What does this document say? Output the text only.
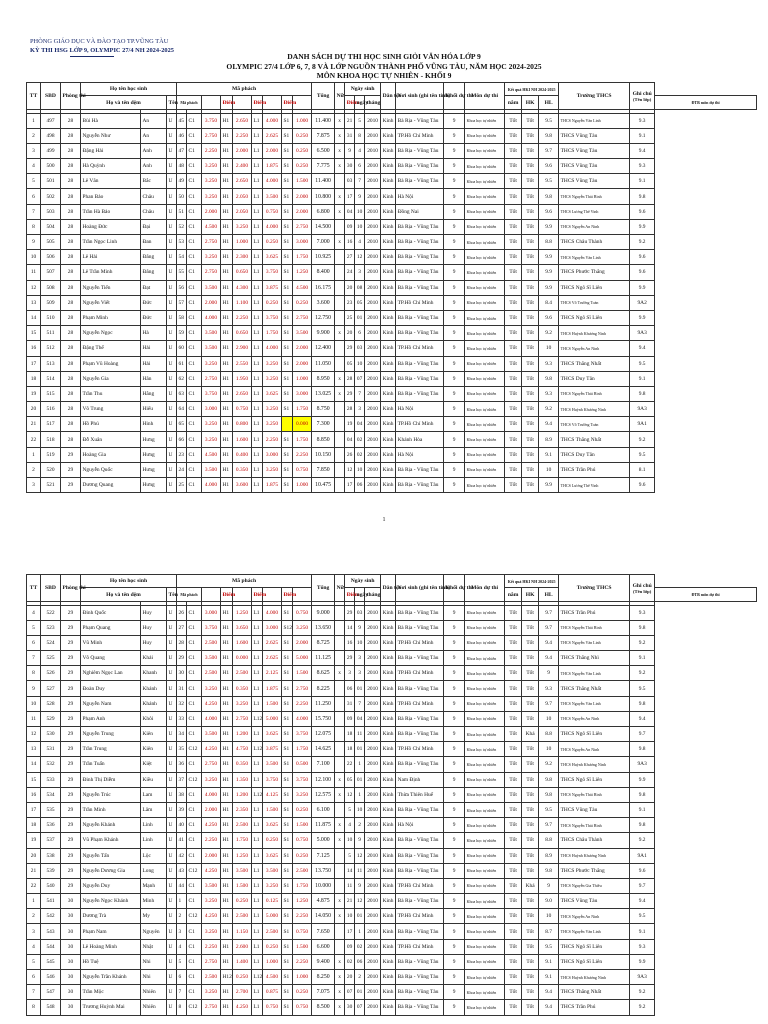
PHÒNG GIÁO DỤC VÀ ĐÀO TẠO TP.VŨNG TÀU
KỲ THI HSG LỚP 9, OLYMPIC 27/4 NH 2024-2025
DANH SÁCH DỰ THI HỌC SINH GIỎI VĂN HÓA LỚP 9
OLYMPIC 27/4 LỚP 6, 7, 8 VÀ LỚP NGUỒN THÀNH PHỐ VŨNG TÀU, NĂM HỌC 2024-2025
MÔN KHOA HỌC TỰ NHIÊN - KHỐI 9
TT	SBD	Phòng thi	Họ tên học sinh			Mã phách									Tổng	Nữ	Ngày sinh			Dân tộc	Nơi sinh (ghi tên tỉnh)	Khối dự thi	Môn dự thi	Kết quả HKI NH 2024-2025			Trường THCS	Ghi chú
(Tên lớp)	

			Họ và tên đệm		Tên	Mã phách			Điểm		Điểm		Điểm				Điểm	ngày	tháng					năm	HK	HL			ĐTB môn dự thi

1	497	28	Bùi Hà	An	U	45	C1	3.750	H1	2.650	L1	4.000	S1	1.000	11.400	x	21	5	2010	Kinh	Bà Rịa - Vũng Tàu	9	Khoa học tự nhiên	Tốt	Tốt	9.5	THCS Nguyễn Văn Linh	9.3	
2	498	28	Nguyễn Như	An	U	46	C1	2.750	H1	2.250	L1	2.625	S1	0.250	7.875	x	31	8	2010	Kinh	TP.Hồ Chí Minh	9	Khoa học tự nhiên	Tốt	Tốt	9.8	THCS Vũng Tàu	9.1	
3	499	28	Đặng Hải	Anh	U	47	C1	2.250	H1	2.000	L1	2.000	S1	0.250	6.500	x	9	4	2010	Kinh	Bà Rịa - Vũng Tàu	9	Khoa học tự nhiên	Tốt	Tốt	9.7	THCS Vũng Tàu	9.4	
4	500	28	Hà Quỳnh	Anh	U	48	C1	3.250	H1	2.400	L1	1.875	S1	0.250	7.775	x	30	6	2010	Kinh	Bà Rịa - Vũng Tàu	9	Khoa học tự nhiên	Tốt	Tốt	9.6	THCS Vũng Tàu	9.3	
5	501	28	Lê Văn	Bắc	U	49	C1	3.250	H1	2.650	L1	4.000	S1	1.500	11.400		03	7	2010	Kinh	Bà Rịa - Vũng Tàu	9	Khoa học tự nhiên	Tốt	Tốt	9.5	THCS Vũng Tàu	9.1	
6	502	28	Phan Bảo	Châu	U	50	C1	3.250	H1	2.050	L1	3.500	S1	2.000	10.800	x	17	9	2010	Kinh	Hà Nội	9	Khoa học tự nhiên	Tốt	Tốt	9.8	THCS Nguyễn Thái Bình	9.8	
7	503	28	Trần Hà Bảo	Châu	U	51	C1	2.000	H1	2.050	L1	0.750	S1	2.000	6.800	x	04	10	2010	Kinh	Đồng Nai	9	Khoa học tự nhiên	Tốt	Tốt	9.6	THCS Lương Thế Vinh	9.6	
8	504	28	Hoàng Đức	Đại	U	52	C1	4.500	H1	3.250	L1	4.000	S1	2.750	14.500		09	10	2010	Kinh	Bà Rịa - Vũng Tàu	9	Khoa học tự nhiên	Tốt	Tốt	9.9	THCS Nguyễn An Ninh	9.9	
9	505	28	Trần Ngọc Linh	Đan	U	53	C1	2.750	H1	1.000	L1	0.250	S1	3.000	7.000	x	16	4	2010	Kinh	Bà Rịa - Vũng Tàu	9	Khoa học tự nhiên	Tốt	Tốt	8.8	THCS Châu Thành	9.2	
10	506	28	Lê Hải	Đăng	U	54	C1	3.250	H1	2.300	L1	3.625	S1	1.750	10.925		27	12	2010	Kinh	Bà Rịa - Vũng Tàu	9	Khoa học tự nhiên	Tốt	Tốt	9.9	THCS Nguyễn Văn Linh	9.6	
11	507	28	Lê Trần Minh	Đăng	U	55	C1	2.750	H1	0.650	L1	3.750	S1	1.250	8.400		24	3	2010	Kinh	Bà Rịa - Vũng Tàu	9	Khoa học tự nhiên	Tốt	Tốt	9.9	THCS Phước Thắng	9.6	
12	508	28	Nguyễn Tiến	Đạt	U	56	C1	3.500	H1	4.300	L1	3.875	S1	4.500	16.175		20	08	2010	Kinh	Bà Rịa - Vũng Tàu	9	Khoa học tự nhiên	Tốt	Tốt	9.9	THCS Ngô Sĩ Liên	9.9	
13	509	28	Nguyễn Viết	Đức	U	57	C1	2.000	H1	1.100	L1	0.250	S1	0.250	3.600		23	05	2010	Kinh	TP.Hồ Chí Minh	9	Khoa học tự nhiên	Tốt	Tốt	8.4	THCS Võ Trường Toản	9A2	
14	510	28	Phạm Minh	Đức	U	58	C1	4.000	H1	2.250	L1	3.750	S1	2.750	12.750		25	01	2010	Kinh	Bà Rịa - Vũng Tàu	9	Khoa học tự nhiên	Tốt	Tốt	9.6	THCS Ngô Sĩ Liên	9.9	
15	511	28	Nguyễn Ngọc	Hà	U	59	C1	3.500	H1	0.650	L1	1.750	S1	3.500	9.900	x	20	6	2010	Kinh	Bà Rịa - Vũng Tàu	9	Khoa học tự nhiên	Tốt	Tốt	9.2	THCS Huỳnh Khương Ninh	9A3	
16	512	28	Đặng Thế	Hải	U	60	C1	3.500	H1	2.900	L1	4.000	S1	2.000	12.400		29	03	2010	Kinh	TP.Hồ Chí Minh	9	Khoa học tự nhiên	Tốt	Tốt	10	THCS Nguyễn An Ninh	9.4	
17	513	28	Phạm Vũ Hoàng	Hải	U	61	C1	3.250	H1	2.550	L1	3.250	S1	2.000	11.050		05	10	2010	Kinh	Bà Rịa - Vũng Tàu	9	Khoa học tự nhiên	Tốt	Tốt	9.3	THCS Thắng Nhất	9.5	
18	514	28	Nguyễn Gia	Hân	U	62	C1	2.750	H1	1.950	L1	3.250	S1	1.000	8.950	x	28	07	2010	Kinh	Bà Rịa - Vũng Tàu	9	Khoa học tự nhiên	Tốt	Tốt	9.8	THCS Duy Tân	9.1	
19	515	28	Trần Thu	Hằng	U	63	C1	3.750	H1	2.650	L1	3.625	S1	3.000	13.025	x	29	7	2010	Kinh	Bà Rịa - Vũng Tàu	9	Khoa học tự nhiên	Tốt	Tốt	9.3	THCS Nguyễn Thái Bình	9.8	
20	516	28	Võ Trung	Hiếu	U	64	C1	3.000	H1	0.750	L1	3.250	S1	1.750	8.750		28	3	2010	Kinh	Hà Nội	9	Khoa học tự nhiên	Tốt	Tốt	9.2	THCS Huỳnh Khương Ninh	9A3	
21	517	28	Hồ Phú	Hinh	U	65	C1	3.250	H1	0.800	L1	3.250		0.000	7.300		19	04	2010	Kinh	TP.Hồ Chí Minh	9	Khoa học tự nhiên	Tốt	Tốt	9.4	THCS Võ Trường Toản	9A1	
22	518	28	Đỗ Xuân	Hưng	U	66	C1	3.250	H1	1.600	L1	2.250	S1	1.750	8.850		04	02	2010	Kinh	Khánh Hòa	9	Khoa học tự nhiên	Tốt	Tốt	8.9	THCS Thắng Nhất	9.2	
1	519	29	Hoàng Gia	Hưng	U	23	C1	4.500	H1	0.400	L1	3.000	S1	2.250	10.150		26	02	2010	Kinh	Hà Nội	9	Khoa học tự nhiên	Tốt	Tốt	9.1	THCS Duy Tân	9.5	
2	520	29	Nguyễn Quốc	Hưng	U	24	C1	3.500	H1	0.350	L1	3.250	S1	0.750	7.850		12	10	2010	Kinh	Bà Rịa - Vũng Tàu	9	Khoa học tự nhiên	Tốt	Tốt	10	THCS Trần Phú	8.1	
3	521	29	Dương Quang	Hưng	U	25	C1	4.000	H1	3.600	L1	1.875	S1	1.000	10.475		17	06	2010	Kinh	Bà Rịa - Vũng Tàu	9	Khoa học tự nhiên	Tốt	Tốt	9.9	THCS Lương Thế Vinh	9.6	
1
TT	SBD	Phòng thi	Họ tên học sinh			Mã phách									Tổng	Nữ	Ngày sinh			Dân tộc	Nơi sinh (ghi tên tỉnh)	Khối dự thi	Môn dự thi	Kết quả HKI NH 2024-2025			Trường THCS	Ghi chú
(Tên lớp)	

			Họ và tên đệm		Tên	Mã phách			Điểm		Điểm		Điểm				Điểm	ngày	tháng					năm	HK	HL			ĐTB môn dự thi

4	522	29	Đinh Quốc	Huy	U	26	C1	3.000	H1	1.250	L1	4.000	S1	0.750	9.000		29	03	2010	Kinh	Bà Rịa - Vũng Tàu	9	Khoa học tự nhiên	Tốt	Tốt	9.7	THCS Trần Phú	9.3	
5	523	29	Phạm Quang	Huy	U	27	C1	3.750	H1	3.650	L1	3.000	S12	3.250	13.650		14	9	2010	Kinh	Bà Rịa - Vũng Tàu	9	Khoa học tự nhiên	Tốt	Tốt	9.7	THCS Nguyễn Thái Bình	9.8	
6	524	29	Vũ Minh	Huy	U	28	C1	2.500	H1	1.600	L1	2.625	S1	2.000	8.725		16	10	2010	Kinh	TP.Hồ Chí Minh	9	Khoa học tự nhiên	Tốt	Tốt	9.4	THCS Nguyễn Văn Linh	9.2	
7	525	29	Võ Quang	Khải	U	29	C1	3.500	H1	0.000	L1	2.625	S1	5.000	11.125		29	3	2010	Kinh	Bà Rịa - Vũng Tàu	9	Khoa học tự nhiên	Tốt	Tốt	9.4	THCS Thắng Nhì	9.1	
8	526	29	Nghiêm Ngọc Lan	Khanh	U	30	C1	2.500	H1	2.500	L1	2.125	S1	1.500	8.625	x	3	3	2010	Kinh	TP.Hồ Chí Minh	9	Khoa học tự nhiên	Tốt	Tốt	9	THCS Nguyễn Văn Linh	9.2	
9	527	29	Đoàn Duy	Khánh	U	31	C1	3.250	H1	0.350	L1	1.875	S1	2.750	8.225		06	01	2010	Kinh	Bà Rịa - Vũng Tàu	9	Khoa học tự nhiên	Tốt	Tốt	9.3	THCS Thắng Nhất	9.5	
10	528	29	Nguyễn Nam	Khánh	U	32	C1	4.250	H1	3.250	L1	1.500	S1	2.250	11.250		31	7	2010	Kinh	TP.Hồ Chí Minh	9	Khoa học tự nhiên	Tốt	Tốt	9.7	THCS Nguyễn Văn Linh	9.8	
11	529	29	Phạm Anh	Khôi	U	33	C1	4.000	H1	2.750	L12	5.000	S1	4.000	15.750		09	04	2010	Kinh	Bà Rịa - Vũng Tàu	9	Khoa học tự nhiên	Tốt	Tốt	10	THCS Nguyễn An Ninh	9.4	
12	530	29	Nguyễn Trung	Kiên	U	34	C1	3.500	H1	1.200	L1	3.625	S1	3.750	12.075		18	11	2010	Kinh	Bà Rịa - Vũng Tàu	9	Khoa học tự nhiên	Tốt	Khá	8.8	THCS Ngô Sĩ Liên	9.7	
13	531	29	Trần Trung	Kiên	U	35	C12	4.250	H1	4.750	L12	3.875	S1	1.750	14.625		18	01	2010	Kinh	TP.Hồ Chí Minh	9	Khoa học tự nhiên	Tốt	Tốt	10	THCS Nguyễn An Ninh	9.8	
14	532	29	Trần Tuấn	Kiệt	U	36	C1	2.750	H1	0.350	L1	3.500	S1	0.500	7.100		22	1	2010	Kinh	Bà Rịa - Vũng Tàu	9	Khoa học tự nhiên	Tốt	Tốt	9.2	THCS Huỳnh Khương Ninh	9A3	
15	533	29	Đinh Thị Diễm	Kiều	U	37	C12	3.250	H1	1.350	L1	3.750	S1	3.750	12.100	x	05	01	2010	Kinh	Nam Định	9	Khoa học tự nhiên	Tốt	Tốt	9.8	THCS Ngô Sĩ Liên	9.9	
16	534	29	Nguyễn Trúc	Lam	U	38	C1	4.000	H1	1.200	L12	4.125	S1	3.250	12.575	x	12	1	2010	Kinh	Thừa Thiên Huế	9	Khoa học tự nhiên	Tốt	Tốt	9.8	THCS Nguyễn Thái Bình	9.8	
17	535	29	Trần Minh	Lâm	U	39	C1	2.000	H1	2.350	L1	1.500	S1	0.250	6.100		5	10	2010	Kinh	Bà Rịa - Vũng Tàu	9	Khoa học tự nhiên	Tốt	Tốt	9.5	THCS Vũng Tàu	9.1	
18	536	29	Nguyễn Khánh	Linh	U	40	C1	4.250	H1	2.500	L1	3.625	S1	1.500	11.875	x	4	2	2010	Kinh	Hà Nội	9	Khoa học tự nhiên	Tốt	Tốt	9.7	THCS Nguyễn Thái Bình	9.8	
19	537	29	Vũ Phạm Khánh	Linh	U	41	C1	2.250	H1	1.750	L1	0.250	S1	0.750	5.000	x	10	9	2010	Kinh	Bà Rịa - Vũng Tàu	9	Khoa học tự nhiên	Tốt	Tốt	8.8	THCS Châu Thành	9.2	
20	538	29	Nguyễn Tấn	Lộc	U	42	C1	2.000	H1	1.250	L1	3.625	S1	0.250	7.125		5	12	2010	Kinh	Bà Rịa - Vũng Tàu	9	Khoa học tự nhiên	Tốt	Tốt	8.9	THCS Huỳnh Khương Ninh	9A1	
21	539	29	Nguyễn Dương Gia	Long	U	43	C12	4.250	H1	3.500	L1	3.500	S1	2.500	13.750		14	11	2010	Kinh	Bà Rịa - Vũng Tàu	9	Khoa học tự nhiên	Tốt	Tốt	9.8	THCS Phước Thắng	9.6	
22	540	29	Nguyễn Duy	Mạnh	U	44	C1	3.500	H1	1.500	L1	3.250	S1	1.750	10.000		11	9	2010	Kinh	TP.Hồ Chí Minh	9	Khoa học tự nhiên	Tốt	Khá	9	THCS Nguyễn Gia Thiều	9.7	
1	541	30	Nguyễn Ngọc Khánh	Minh	U	1	C1	3.250	H1	0.250	L1	0.125	S1	1.250	4.875	x	21	12	2010	Kinh	Bà Rịa - Vũng Tàu	9	Khoa học tự nhiên	Tốt	Tốt	9.0	THCS Vũng Tàu	9.4	
2	542	30	Dương Trà	My	U	2	C12	4.250	H1	2.500	L1	5.000	S1	2.250	14.050	x	10	01	2010	Kinh	TP.Hồ Chí Minh	9	Khoa học tự nhiên	Tốt	Tốt	10	THCS Nguyễn An Ninh	9.5	
3	543	30	Phạm Nam	Nguyên	U	3	C1	3.250	H1	1.150	L1	2.500	S1	0.750	7.650		17	1	2010	Kinh	Bà Rịa - Vũng Tàu	9	Khoa học tự nhiên	Tốt	Tốt	8.7	THCS Nguyễn Văn Linh	9.1	
4	544	30	Lê Hoàng Minh	Nhật	U	4	C1	2.250	H1	2.600	L1	0.250	S1	1.500	6.600		09	02	2010	Kinh	TP.Hồ Chí Minh	9	Khoa học tự nhiên	Tốt	Tốt	9.5	THCS Ngô Sĩ Liên	9.3	
5	545	30	Hồ Tuệ	Nhi	U	5	C1	2.750	H1	1.400	L1	1.000	S1	2.250	9.400	x	02	06	2010	Kinh	Bà Rịa - Vũng Tàu	9	Khoa học tự nhiên	Tốt	Tốt	9.1	THCS Ngô Sĩ Liên	9.9	
6	546	30	Nguyễn Trần Khánh	Nhi	U	6	C1	2.500	H12	0.250	L12	4.500	S1	1.000	8.250	x	20	2	2010	Kinh	Bà Rịa - Vũng Tàu	9	Khoa học tự nhiên	Tốt	Tốt	9.1	THCS Huỳnh Khương Ninh	9A3	
7	547	30	Trần Mộc	Nhiên	U	7	C1	3.250	H1	2.700	L1	0.875	S1	0.250	7.075	x	07	01	2010	Kinh	Bà Rịa - Vũng Tàu	9	Khoa học tự nhiên	Tốt	Tốt	9.4	THCS Thắng Nhất	9.2	
8	548	30	Trương Huỳnh Mai	Nhiên	U	8	C12	2.750	H1	4.250	L1	0.750	S1	0.750	8.500	x	30	07	2010	Kinh	Bà Rịa - Vũng Tàu	9	Khoa học tự nhiên	Tốt	Tốt	9.4	THCS Trần Phú	9.2	
